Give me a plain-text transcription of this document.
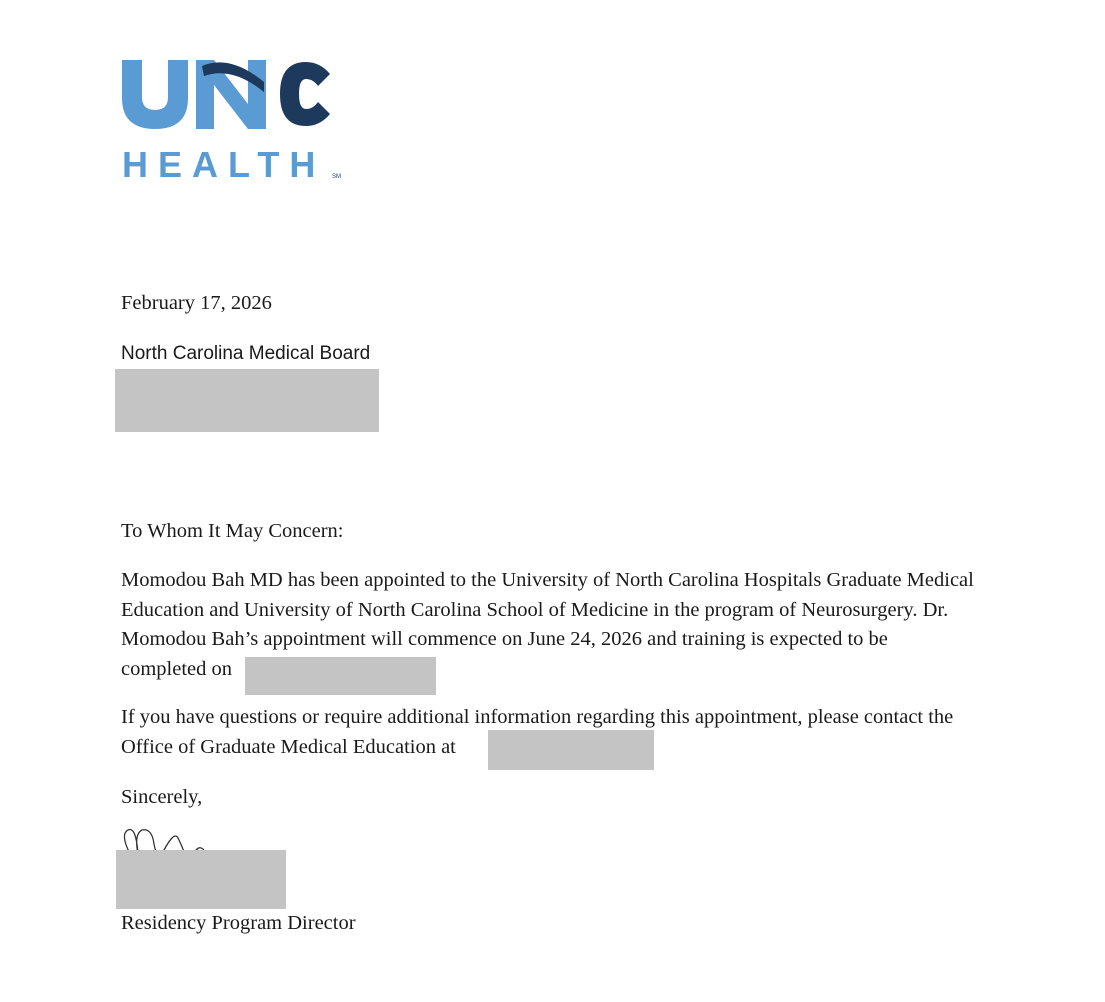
HEALTH SM
February 17, 2026
North Carolina Medical Board
To Whom It May Concern:
Momodou Bah MD has been appointed to the University of North Carolina Hospitals Graduate Medical
Education and University of North Carolina School of Medicine in the program of Neurosurgery. Dr.
Momodou Bah’s appointment will commence on June 24, 2026 and training is expected to be
completed on
If you have questions or require additional information regarding this appointment, please contact the
Office of Graduate Medical Education at
Sincerely,
Residency Program Director
